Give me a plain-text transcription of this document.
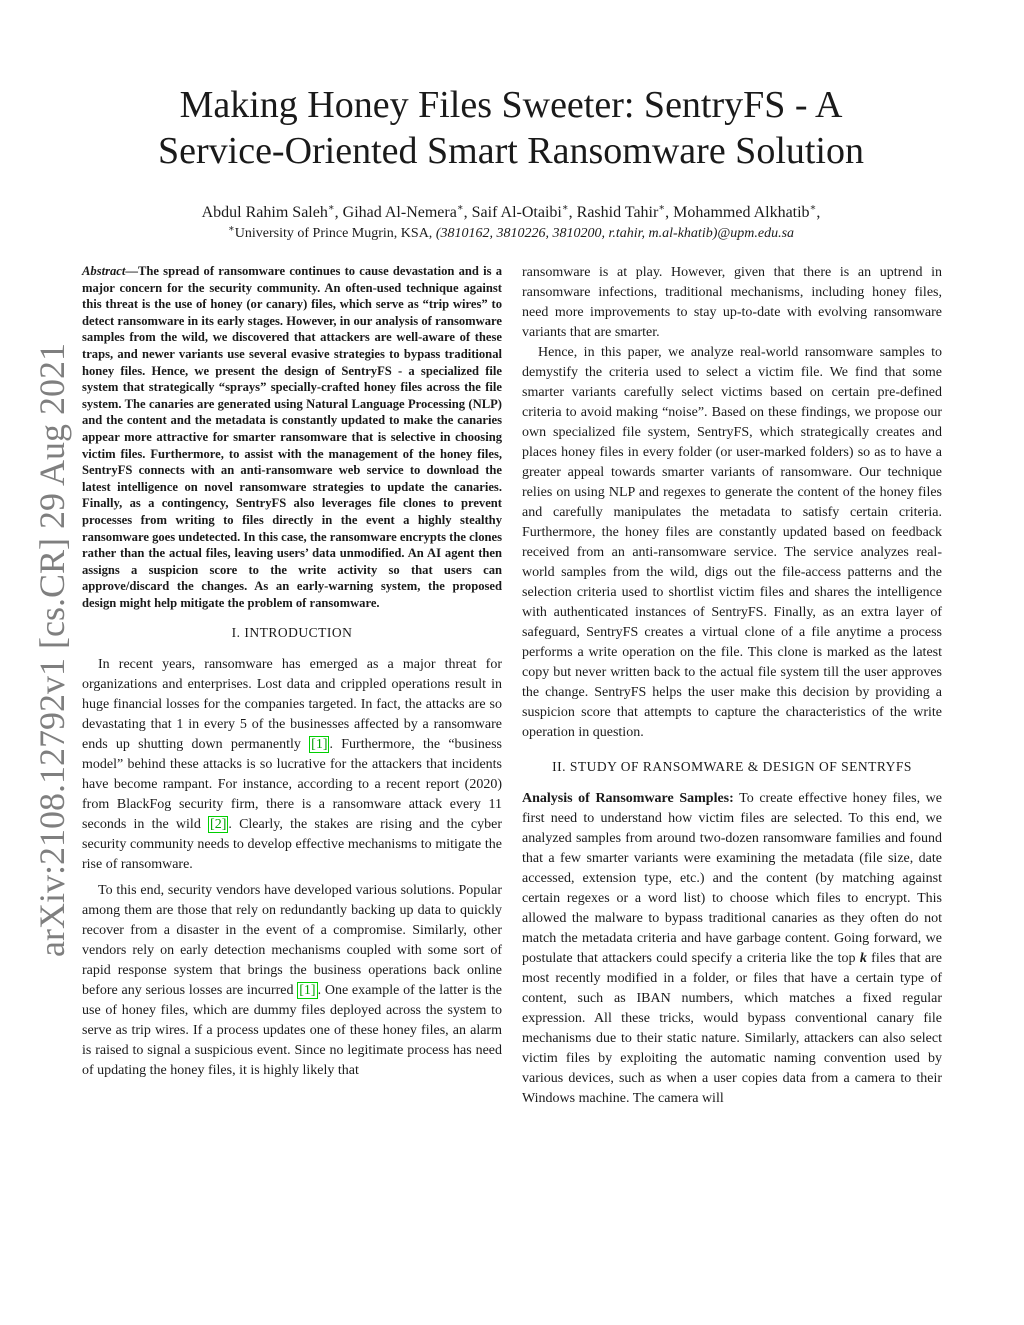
arXiv:2108.12792v1 [cs.CR] 29 Aug 2021
Making Honey Files Sweeter: SentryFS - A
Service-Oriented Smart Ransomware Solution
Abdul Rahim Saleh∗, Gihad Al-Nemera∗, Saif Al-Otaibi∗, Rashid Tahir∗, Mohammed Alkhatib∗,
∗University of Prince Mugrin, KSA, (3810162, 3810226, 3810200, r.tahir, m.al-khatib)@upm.edu.sa

Abstract—The spread of ransomware continues to cause devastation and is a major concern for the security community. An often-used technique against this threat is the use of honey (or canary) files, which serve as “trip wires” to detect ransomware in its early stages. However, in our analysis of ransomware samples from the wild, we discovered that attackers are well-aware of these traps, and newer variants use several evasive strategies to bypass traditional honey files. Hence, we present the design of SentryFS - a specialized file system that strategically “sprays” specially-crafted honey files across the file system. The canaries are generated using Natural Language Processing (NLP) and the content and the metadata is constantly updated to make the canaries appear more attractive for smarter ransomware that is selective in choosing victim files. Furthermore, to assist with the management of the honey files, SentryFS connects with an anti-ransomware web service to download the latest intelligence on novel ransomware strategies to update the canaries. Finally, as a contingency, SentryFS also leverages file clones to prevent processes from writing to files directly in the event a highly stealthy ransomware goes undetected. In this case, the ransomware encrypts the clones rather than the actual files, leaving users’ data unmodified. An AI agent then assigns a suspicion score to the write activity so that users can approve/discard the changes. As an early-warning system, the proposed design might help mitigate the problem of ransomware.

I. INTRODUCTION

In recent years, ransomware has emerged as a major threat for organizations and enterprises. Lost data and crippled operations result in huge financial losses for the companies targeted. In fact, the attacks are so devastating that 1 in every 5 of the businesses affected by a ransomware ends up shutting down permanently [1] . Furthermore, the “business model” behind these attacks is so lucrative for the attackers that incidents have become rampant. For instance, according to a recent report (2020) from BlackFog security firm, there is a ransomware attack every 11 seconds in the wild [2] . Clearly, the stakes are rising and the cyber security community needs to develop effective mechanisms to mitigate the rise of ransomware.

To this end, security vendors have developed various solutions. Popular among them are those that rely on redundantly backing up data to quickly recover from a disaster in the event of a compromise. Similarly, other vendors rely on early detection mechanisms coupled with some sort of rapid response system that brings the business operations back online before any serious losses are incurred [1] . One example of the latter is the use of honey files, which are dummy files deployed across the system to serve as trip wires. If a process updates one of these honey files, an alarm is raised to signal a suspicious event. Since no legitimate process has need of updating the honey files, it is highly likely that

ransomware is at play. However, given that there is an uptrend in ransomware infections, traditional mechanisms, including honey files, need more improvements to stay up-to-date with evolving ransomware variants that are smarter.

Hence, in this paper, we analyze real-world ransomware samples to demystify the criteria used to select a victim file. We find that some smarter variants carefully select victims based on certain pre-defined criteria to avoid making “noise”. Based on these findings, we propose our own specialized file system, SentryFS, which strategically creates and places honey files in every folder (or user-marked folders) so as to have a greater appeal towards smarter variants of ransomware. Our technique relies on using NLP and regexes to generate the content of the honey files and carefully manipulates the metadata to satisfy certain criteria. Furthermore, the honey files are constantly updated based on feedback received from an anti-ransomware service. The service analyzes real-world samples from the wild, digs out the file-access patterns and the selection criteria used to shortlist victim files and shares the intelligence with authenticated instances of SentryFS. Finally, as an extra layer of safeguard, SentryFS creates a virtual clone of a file anytime a process performs a write operation on the file. This clone is marked as the latest copy but never written back to the actual file system till the user approves the change. SentryFS helps the user make this decision by providing a suspicion score that attempts to capture the characteristics of the write operation in question.

II. STUDY OF RANSOMWARE & DESIGN OF SENTRYFS

Analysis of Ransomware Samples: To create effective honey files, we first need to understand how victim files are selected. To this end, we analyzed samples from around two-dozen ransomware families and found that a few smarter variants were examining the metadata (file size, date accessed, extension type, etc.) and the content (by matching against certain regexes or a word list) to choose which files to encrypt. This allowed the malware to bypass traditional canaries as they often do not match the metadata criteria and have garbage content. Going forward, we postulate that attackers could specify a criteria like the top k files that are most recently modified in a folder, or files that have a certain type of content, such as IBAN numbers, which matches a fixed regular expression. All these tricks, would bypass conventional canary file mechanisms due to their static nature. Similarly, attackers can also select victim files by exploiting the automatic naming convention used by various devices, such as when a user copies data from a camera to their Windows machine. The camera will
